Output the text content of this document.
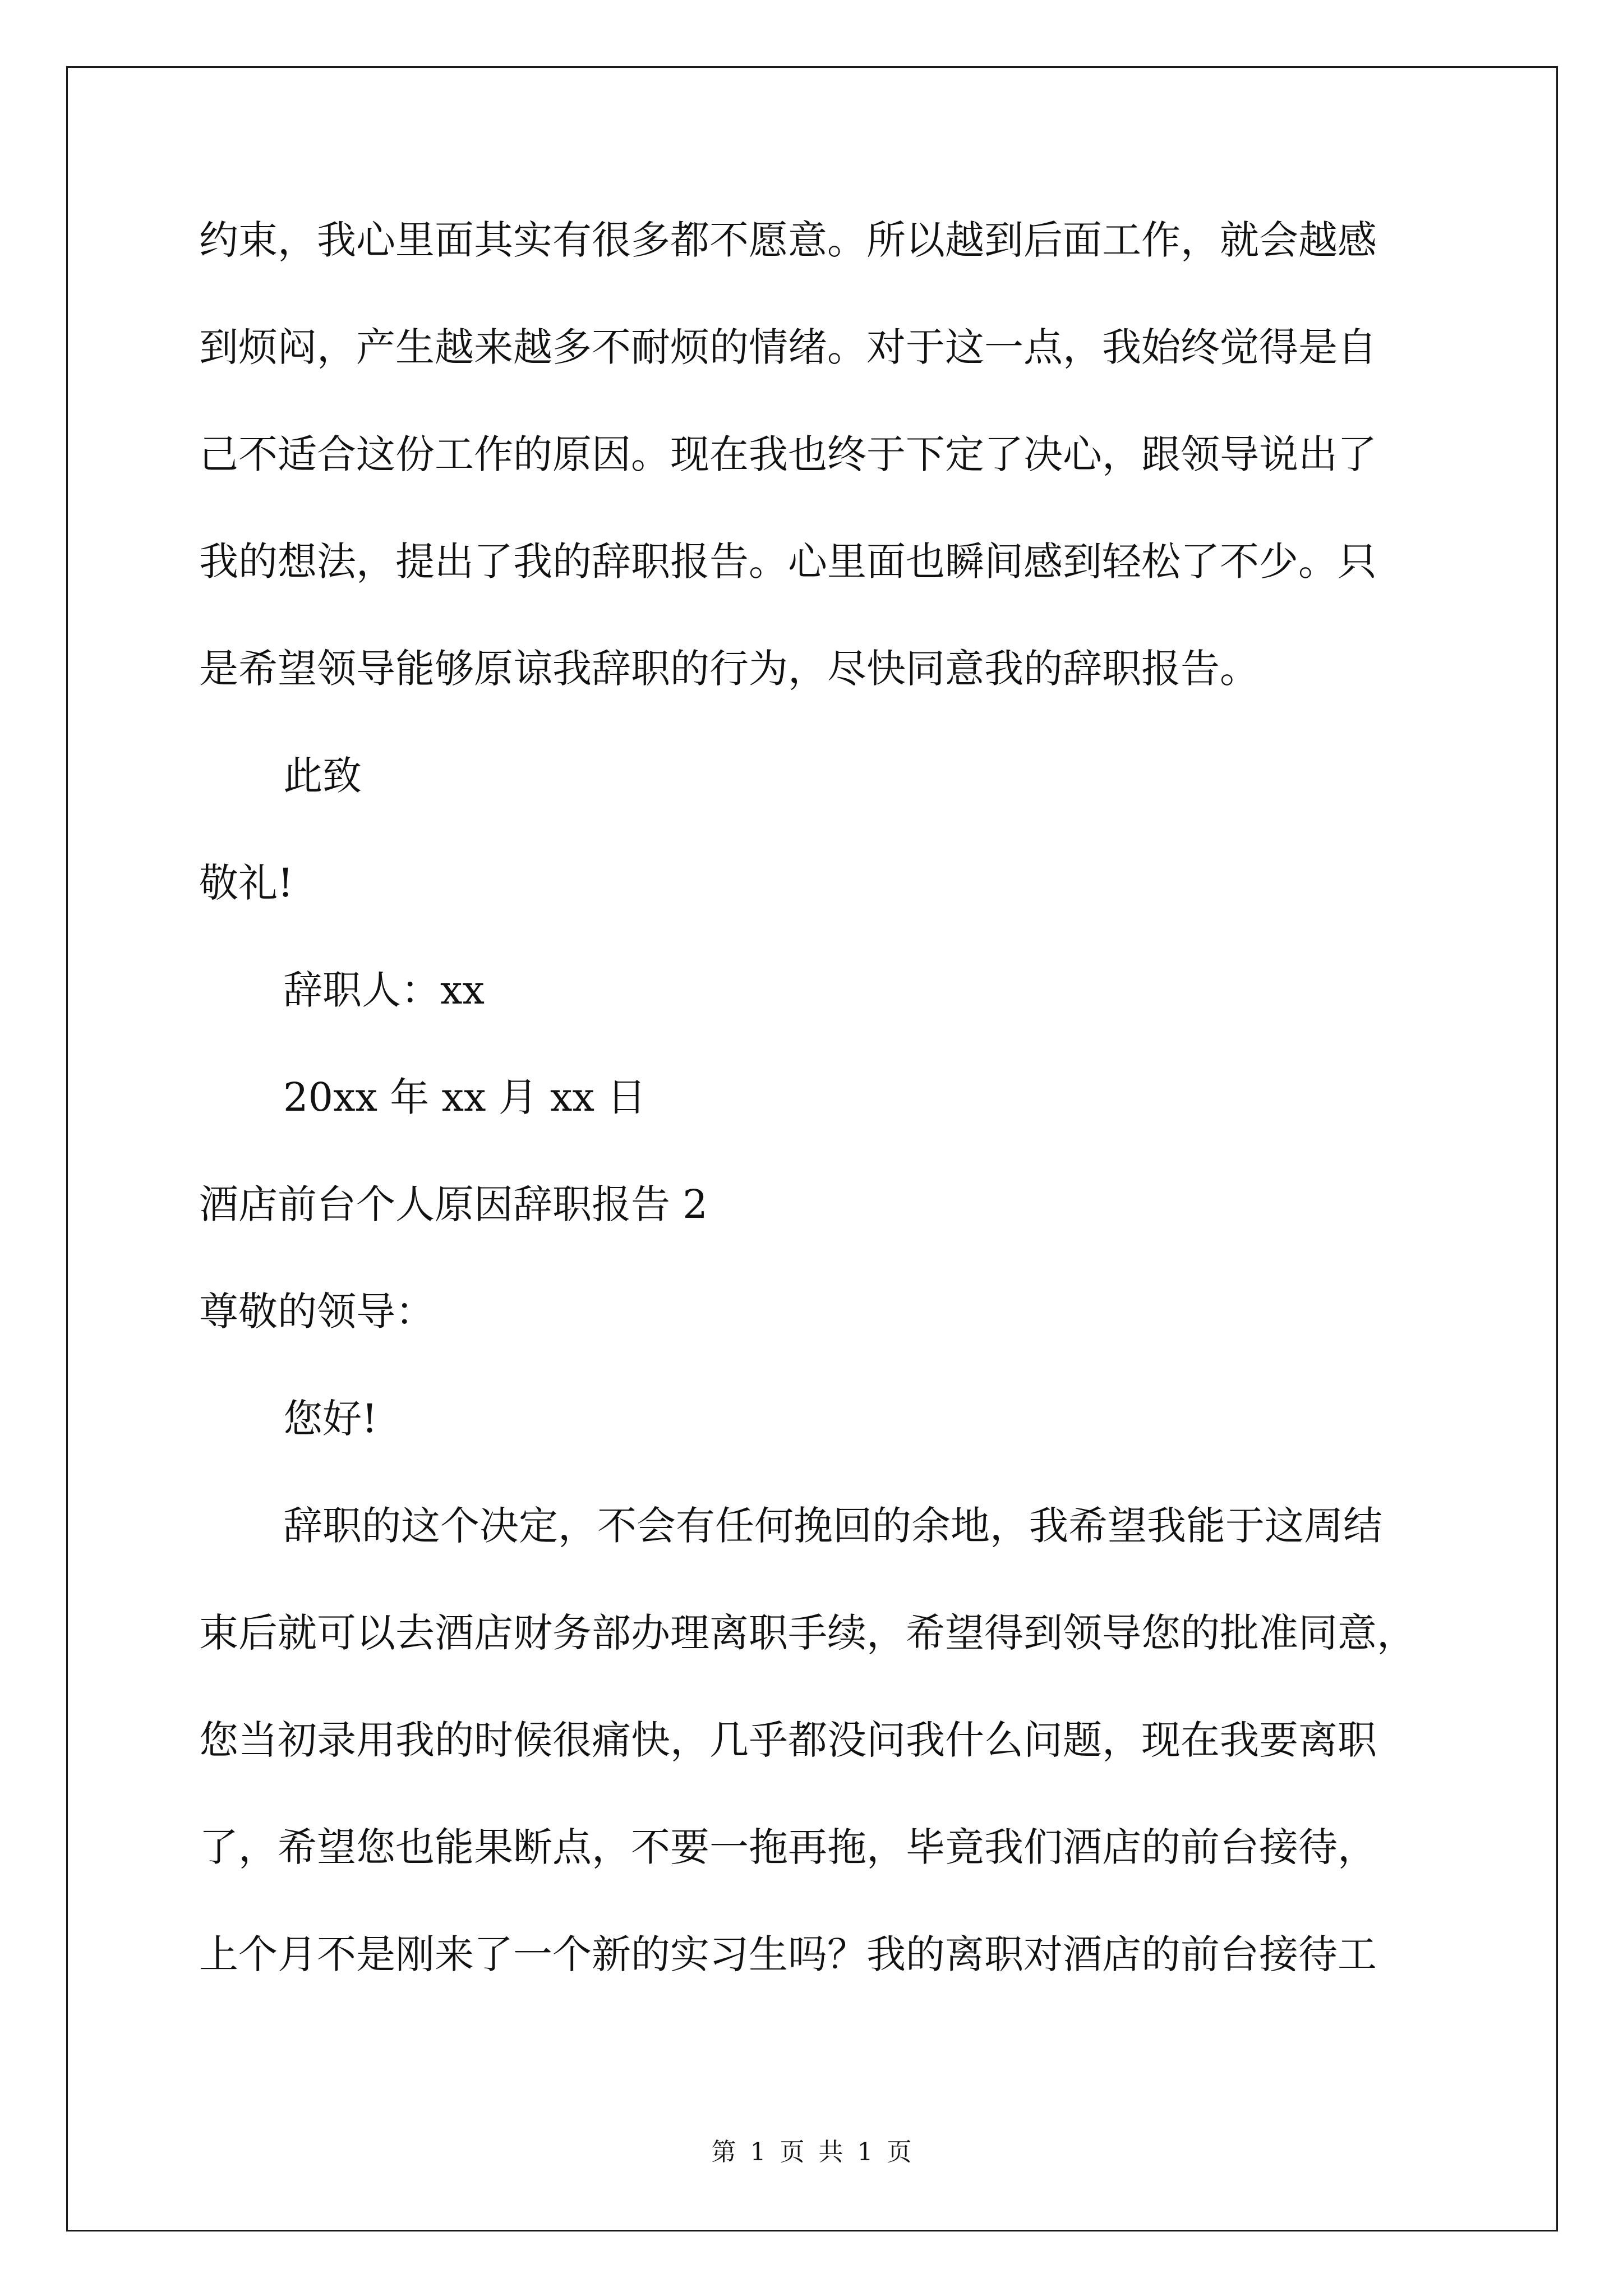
约束，我心里面其实有很多都不愿意。所以越到后面工作，就会越感
到烦闷，产生越来越多不耐烦的情绪。对于这一点，我始终觉得是自
己不适合这份工作的原因。现在我也终于下定了决心，跟领导说出了
我的想法，提出了我的辞职报告。心里面也瞬间感到轻松了不少。只
是希望领导能够原谅我辞职的行为，尽快同意我的辞职报告。
此致
敬礼!
辞职人：xx
20xx 年 xx 月 xx 日
酒店前台个人原因辞职报告 2
尊敬的领导：
您好!
辞职的这个决定，不会有任何挽回的余地，我希望我能于这周结
束后就可以去酒店财务部办理离职手续，希望得到领导您的批准同意，
您当初录用我的时候很痛快，几乎都没问我什么问题，现在我要离职
了，希望您也能果断点，不要一拖再拖，毕竟我们酒店的前台接待，
上个月不是刚来了一个新的实习生吗？我的离职对酒店的前台接待工
第 1 页 共 1 页
